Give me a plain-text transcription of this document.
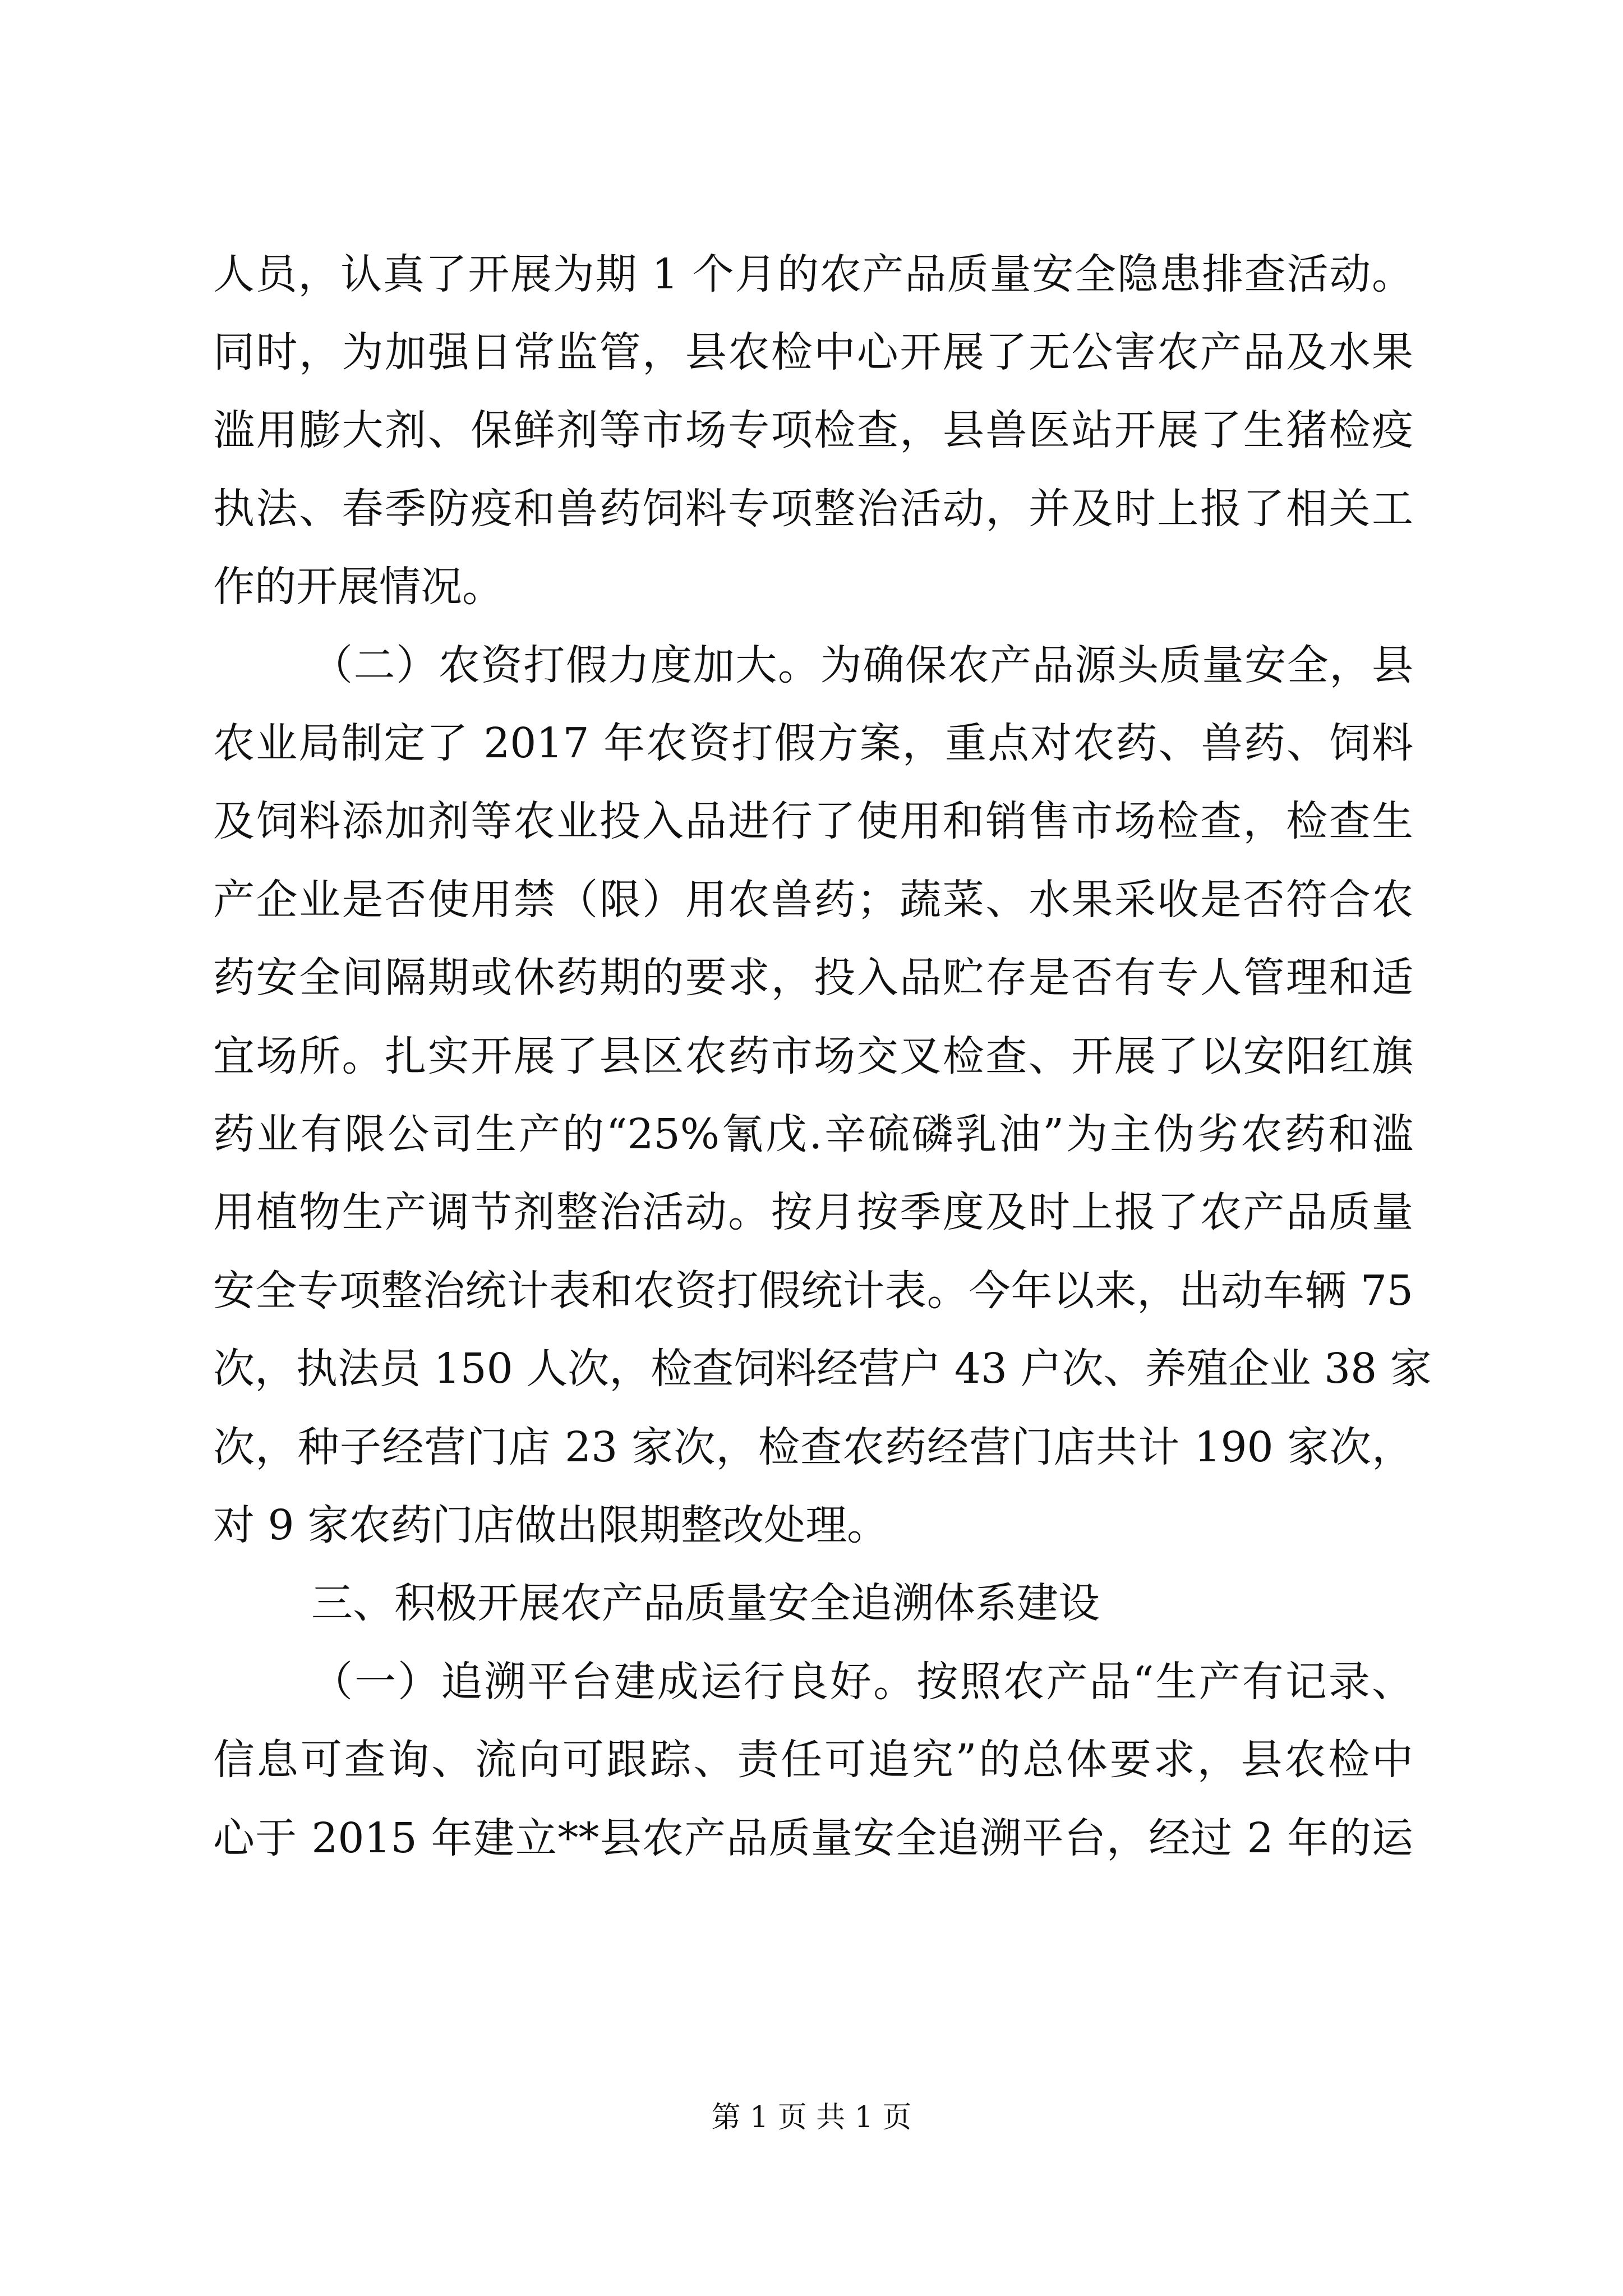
人员，认真了开展为期 1 个月的农产品质量安全隐患排查活动。
同时，为加强日常监管，县农检中心开展了无公害农产品及水果
滥用膨大剂、保鲜剂等市场专项检查，县兽医站开展了生猪检疫
执法、春季防疫和兽药饲料专项整治活动，并及时上报了相关工
作的开展情况。
（二）农资打假力度加大。为确保农产品源头质量安全，县
农业局制定了 2017 年农资打假方案，重点对农药、兽药、饲料
及饲料添加剂等农业投入品进行了使用和销售市场检查，检查生
产企业是否使用禁（限）用农兽药；蔬菜、水果采收是否符合农
药安全间隔期或休药期的要求，投入品贮存是否有专人管理和适
宜场所。扎实开展了县区农药市场交叉检查、开展了以安阳红旗
药业有限公司生产的“25%氰戊.辛硫磷乳油”为主伪劣农药和滥
用植物生产调节剂整治活动。按月按季度及时上报了农产品质量
安全专项整治统计表和农资打假统计表。今年以来，出动车辆 75
次，执法员 150 人次，检查饲料经营户 43 户次、养殖企业 38 家
次，种子经营门店 23 家次，检查农药经营门店共计 190 家次，
对 9 家农药门店做出限期整改处理。
三、积极开展农产品质量安全追溯体系建设
（一）追溯平台建成运行良好。按照农产品“生产有记录、
信息可查询、流向可跟踪、责任可追究”的总体要求，县农检中
心于 2015 年建立**县农产品质量安全追溯平台，经过 2 年的运
第 1 页 共 1 页
